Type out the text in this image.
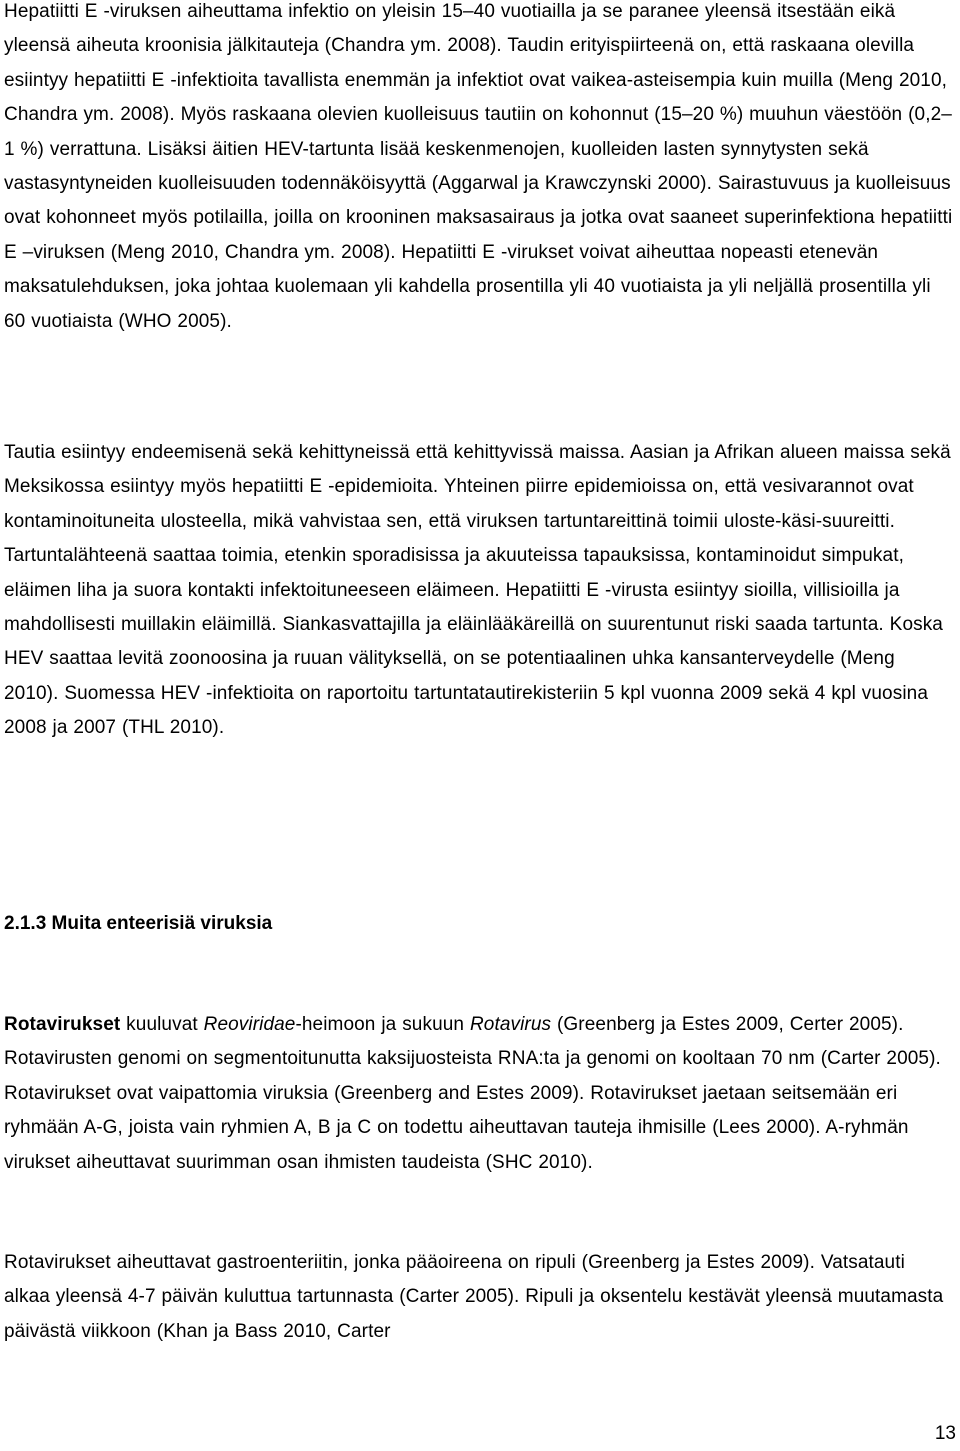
Hepatiitti E -viruksen aiheuttama infektio on yleisin 15–40 vuotiailla ja se paranee yleensä itsestään eikä yleensä aiheuta kroonisia jälkitauteja (Chandra ym. 2008). Taudin erityispiirteenä on, että raskaana olevilla esiintyy hepatiitti E -infektioita tavallista enemmän ja infektiot ovat vaikea-asteisempia kuin muilla (Meng 2010, Chandra ym. 2008). Myös raskaana olevien kuolleisuus tautiin on kohonnut (15–20 %) muuhun väestöön (0,2–1 %) verrattuna. Lisäksi äitien HEV-tartunta lisää keskenmenojen, kuolleiden lasten synnytysten sekä vastasyntyneiden kuolleisuuden todennäköisyyttä (Aggarwal ja Krawczynski 2000). Sairastuvuus ja kuolleisuus ovat kohonneet myös potilailla, joilla on krooninen maksasairaus ja jotka ovat saaneet superinfektiona hepatiitti E –viruksen (Meng 2010, Chandra ym. 2008). Hepatiitti E -virukset voivat aiheuttaa nopeasti etenevän maksatulehduksen, joka johtaa kuolemaan yli kahdella prosentilla yli 40 vuotiaista ja yli neljällä prosentilla yli 60 vuotiaista (WHO 2005).

Tautia esiintyy endeemisenä sekä kehittyneissä että kehittyvissä maissa. Aasian ja Afrikan alueen maissa sekä Meksikossa esiintyy myös hepatiitti E -epidemioita. Yhteinen piirre epidemioissa on, että vesivarannot ovat kontaminoituneita ulosteella, mikä vahvistaa sen, että viruksen tartuntareittinä toimii uloste-käsi-suureitti. Tartuntalähteenä saattaa toimia, etenkin sporadisissa ja akuuteissa tapauksissa, kontaminoidut simpukat, eläimen liha ja suora kontakti infektoituneeseen eläimeen. Hepatiitti E -virusta esiintyy sioilla, villisioilla ja mahdollisesti muillakin eläimillä. Siankasvattajilla ja eläinlääkäreillä on suurentunut riski saada tartunta. Koska HEV saattaa levitä zoonoosina ja ruuan välityksellä, on se potentiaalinen uhka kansanterveydelle (Meng 2010). Suomessa HEV -infektioita on raportoitu tartuntatautirekisteriin 5 kpl vuonna 2009 sekä 4 kpl vuosina 2008 ja 2007 (THL 2010).

2.1.3 Muita enteerisiä viruksia

Rotavirukset kuuluvat Reoviridae-heimoon ja sukuun Rotavirus (Greenberg ja Estes 2009, Certer 2005). Rotavirusten genomi on segmentoitunutta kaksijuosteista RNA:ta ja genomi on kooltaan 70 nm (Carter 2005). Rotavirukset ovat vaipattomia viruksia (Greenberg and Estes 2009). Rotavirukset jaetaan seitsemään eri ryhmään A-G, joista vain ryhmien A, B ja C on todettu aiheuttavan tauteja ihmisille (Lees 2000). A-ryhmän virukset aiheuttavat suurimman osan ihmisten taudeista (SHC 2010).

Rotavirukset aiheuttavat gastroenteriitin, jonka pääoireena on ripuli (Greenberg ja Estes 2009). Vatsatauti alkaa yleensä 4-7 päivän kuluttua tartunnasta (Carter 2005). Ripuli ja oksentelu kestävät yleensä muutamasta päivästä viikkoon (Khan ja Bass 2010, Carter

13
